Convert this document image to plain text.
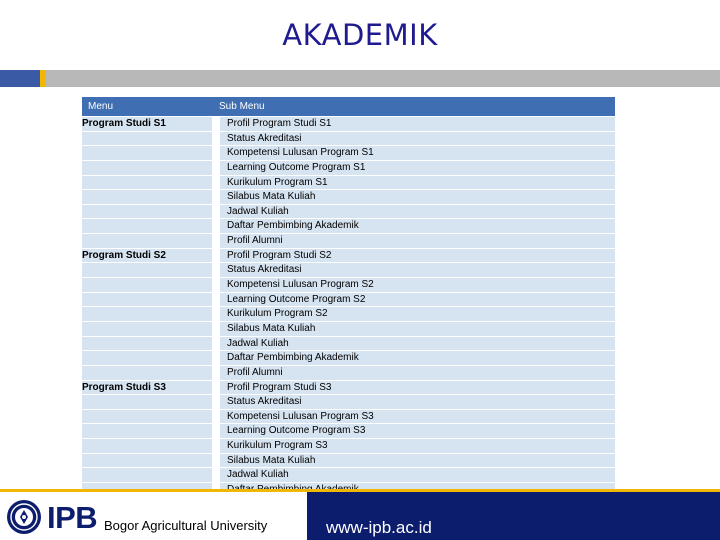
AKADEMIK
Menu	Sub Menu
Program Studi S1	Profil Program Studi S1
	Status Akreditasi
	Kompetensi Lulusan Program S1
	Learning Outcome Program S1
	Kurikulum Program S1
	Silabus Mata Kuliah
	Jadwal Kuliah
	Daftar Pembimbing Akademik
	Profil Alumni
Program Studi S2	Profil Program Studi S2
	Status Akreditasi
	Kompetensi Lulusan Program S2
	Learning Outcome Program S2
	Kurikulum Program S2
	Silabus Mata Kuliah
	Jadwal Kuliah
	Daftar Pembimbing Akademik
	Profil Alumni
Program Studi S3	Profil Program Studi S3
	Status Akreditasi
	Kompetensi Lulusan Program S3
	Learning Outcome Program S3
	Kurikulum Program S3
	Silabus Mata Kuliah
	Jadwal Kuliah

IPB Bogor Agricultural University	www-ipb.ac.id
